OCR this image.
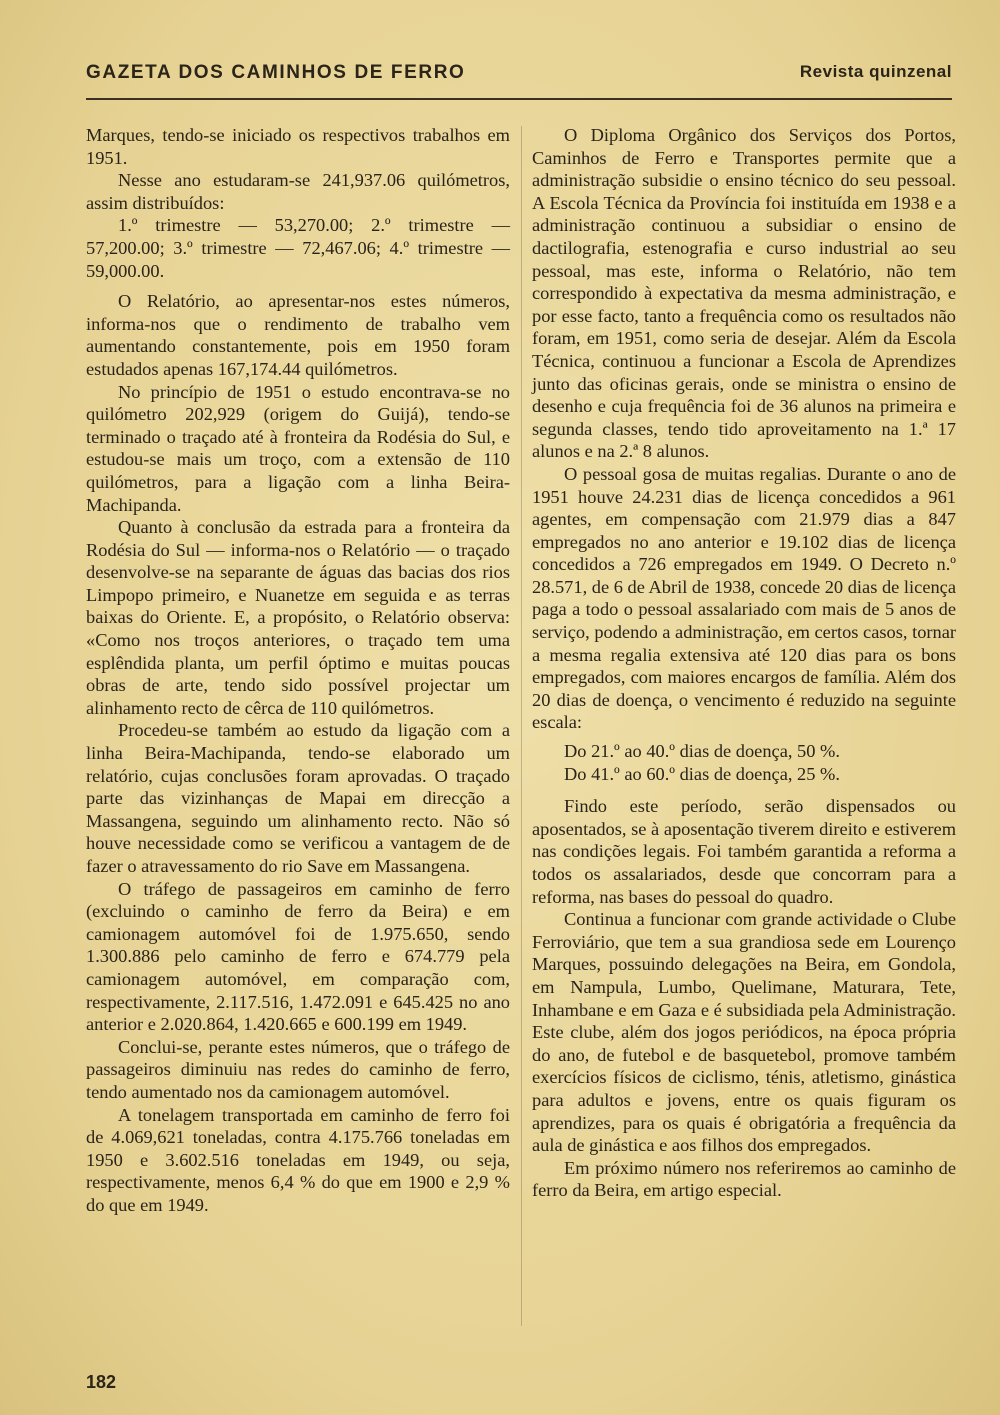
GAZETA DOS CAMINHOS DE FERRO	Revista quinzenal

Marques, tendo-se iniciado os respectivos trabalhos em 1951.

Nesse ano estudaram-se 241,937.06 quilómetros, assim distribuídos:

1.º trimestre — 53,270.00; 2.º trimestre — 57,200.00; 3.º trimestre — 72,467.06; 4.º trimestre — 59,000.00.

O Relatório, ao apresentar-nos estes números, informa-nos que o rendimento de trabalho vem aumentando constantemente, pois em 1950 foram estudados apenas 167,174.44 quilómetros.

No princípio de 1951 o estudo encontrava-se no quilómetro 202,929 (origem do Guijá), tendo-se terminado o traçado até à fronteira da Rodésia do Sul, e estudou-se mais um troço, com a extensão de 110 quilómetros, para a ligação com a linha Beira-Machipanda.

Quanto à conclusão da estrada para a fronteira da Rodésia do Sul — informa-nos o Relatório — o traçado desenvolve-se na separante de águas das bacias dos rios Limpopo primeiro, e Nuanetze em seguida e as terras baixas do Oriente. E, a propósito, o Relatório observa: «Como nos troços anteriores, o traçado tem uma esplêndida planta, um perfil óptimo e muitas poucas obras de arte, tendo sido possível projectar um alinhamento recto de cêrca de 110 quilómetros.

Procedeu-se também ao estudo da ligação com a linha Beira-Machipanda, tendo-se elaborado um relatório, cujas conclusões foram aprovadas. O traçado parte das vizinhanças de Mapai em direcção a Massangena, seguindo um alinhamento recto. Não só houve necessidade como se verificou a vantagem de de fazer o atravessamento do rio Save em Massangena.

O tráfego de passageiros em caminho de ferro (excluindo o caminho de ferro da Beira) e em camionagem automóvel foi de 1.975.650, sendo 1.300.886 pelo caminho de ferro e 674.779 pela camionagem automóvel, em comparação com, respectivamente, 2.117.516, 1.472.091 e 645.425 no ano anterior e 2.020.864, 1.420.665 e 600.199 em 1949.

Conclui-se, perante estes números, que o tráfego de passageiros diminuiu nas redes do caminho de ferro, tendo aumentado nos da camionagem automóvel.

A tonelagem transportada em caminho de ferro foi de 4.069,621 toneladas, contra 4.175.766 toneladas em 1950 e 3.602.516 toneladas em 1949, ou seja, respectivamente, menos 6,4 % do que em 1900 e 2,9 % do que em 1949.

O Diploma Orgânico dos Serviços dos Portos, Caminhos de Ferro e Transportes permite que a administração subsidie o ensino técnico do seu pessoal. A Escola Técnica da Província foi instituída em 1938 e a administração continuou a subsidiar o ensino de dactilografia, estenografia e curso industrial ao seu pessoal, mas este, informa o Relatório, não tem correspondido à expectativa da mesma administração, e por esse facto, tanto a frequência como os resultados não foram, em 1951, como seria de desejar. Além da Escola Técnica, continuou a funcionar a Escola de Aprendizes junto das oficinas gerais, onde se ministra o ensino de desenho e cuja frequência foi de 36 alunos na primeira e segunda classes, tendo tido aproveitamento na 1.ª 17 alunos e na 2.ª 8 alunos.

O pessoal gosa de muitas regalias. Durante o ano de 1951 houve 24.231 dias de licença concedidos a 961 agentes, em compensação com 21.979 dias a 847 empregados no ano anterior e 19.102 dias de licença concedidos a 726 empregados em 1949. O Decreto n.º 28.571, de 6 de Abril de 1938, concede 20 dias de licença paga a todo o pessoal assalariado com mais de 5 anos de serviço, podendo a administração, em certos casos, tornar a mesma regalia extensiva até 120 dias para os bons empregados, com maiores encargos de família. Além dos 20 dias de doença, o vencimento é reduzido na seguinte escala:

Do 21.º ao 40.º dias de doença, 50 %.
Do 41.º ao 60.º dias de doença, 25 %.

Findo este período, serão dispensados ou aposentados, se à aposentação tiverem direito e estiverem nas condições legais. Foi também garantida a reforma a todos os assalariados, desde que concorram para a reforma, nas bases do pessoal do quadro.

Continua a funcionar com grande actividade o Clube Ferroviário, que tem a sua grandiosa sede em Lourenço Marques, possuindo delegações na Beira, em Gondola, em Nampula, Lumbo, Quelimane, Maturara, Tete, Inhambane e em Gaza e é subsidiada pela Administração. Este clube, além dos jogos periódicos, na época própria do ano, de futebol e de basquetebol, promove também exercícios físicos de ciclismo, ténis, atletismo, ginástica para adultos e jovens, entre os quais figuram os aprendizes, para os quais é obrigatória a frequência da aula de ginástica e aos filhos dos empregados.

Em próximo número nos referiremos ao caminho de ferro da Beira, em artigo especial.

182
